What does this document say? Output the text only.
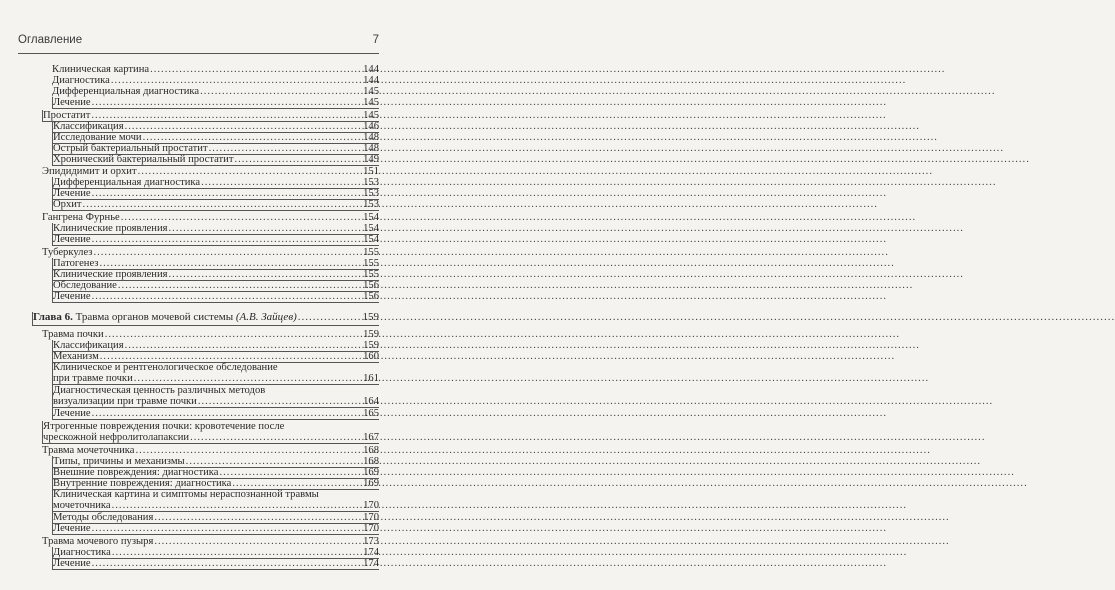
Оглавление	7
Клиническая картина .....	144
Диагностика .....	144
Дифференциальная диагностика .....	145
Лечение .....	145
Простатит .....	145
Классификация .....	146
Исследование мочи .....	148
Острый бактериальный простатит .....	148
Хронический бактериальный простатит .....	149
Эпидидимит и орхит .....	151
Дифференциальная диагностика .....	153
Лечение .....	153
Орхит .....	153
Гангрена Фурнье .....	154
Клинические проявления .....	154
Лечение .....	154
Туберкулез .....	155
Патогенез .....	155
Клинические проявления .....	155
Обследование .....	156
Лечение .....	156
Глава 6. Травма органов мочевой системы (А.В. Зайцев) .....	159
Травма почки .....	159
Классификация .....	159
Механизм .....	160
Клиническое и рентгенологическое обследование
при травме почки .....	161
Диагностическая ценность различных методов
визуализации при травме почки .....	164
Лечение .....	165
Ятрогенные повреждения почки: кровотечение после
чрескожной нефролитолапаксии .....	167
Травма мочеточника .....	168
Типы, причины и механизмы .....	168
Внешние повреждения: диагностика .....	169
Внутренние повреждения: диагностика .....	169
Клиническая картина и симптомы нераспознанной травмы
мочеточника .....	170
Методы обследования .....	170
Лечение .....	170
Травма мочевого пузыря .....	173
Диагностика .....	174
Лечение .....	174
